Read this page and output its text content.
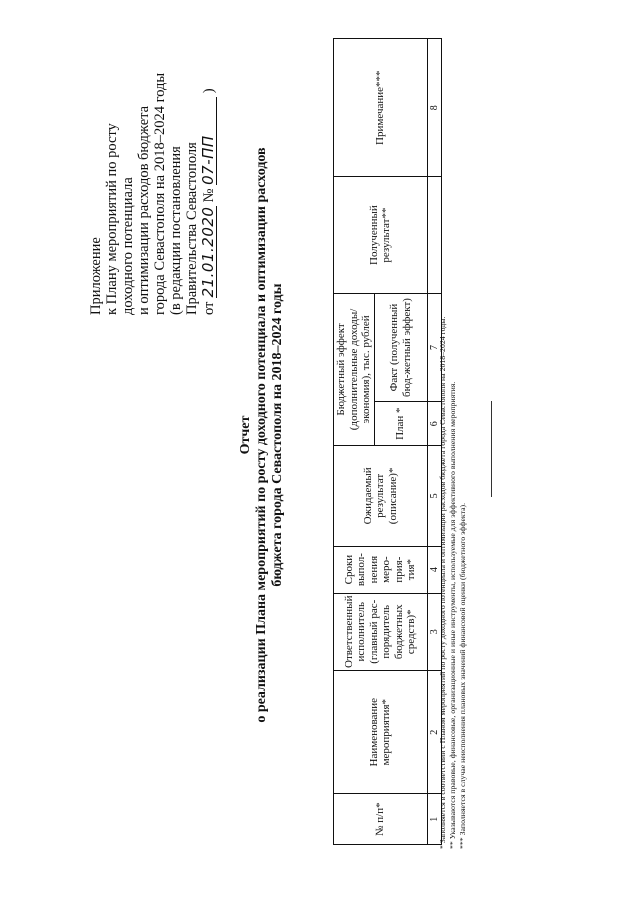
Приложение к Плану мероприятий по росту доходного потенциала и оптимизации расходов бюджета города Севастополя на 2018–2024 годы (в редакции постановления Правительства Севастополя от 21.01.2020 № 07-ПП )
Отчет о реализации Плана мероприятий по росту доходного потенциала и оптимизации расходов бюджета города Севастополя на 2018–2024 годы
№ п/п*	Наименование мероприятия*	Ответственный исполнитель (главный рас-порядитель бюджетных средств)*	Сроки выпол-нения меро-прия-тия*	Ожидаемый результат (описание)*	Бюджетный эффект (дополнительные доходы/ экономия), тыс. рублей		Полученный результат**	Примечание***
					План *	Факт (полученный бюд-жетный эффект)		
1	2	3	4	5	6	7		8
* Заполняется в соответствии с Планом мероприятий по росту доходного потенциала и оптимизации расходов бюджета города Севастополя на 2018–2024 годы. ** Указываются правовые, финансовые, организационные и иные инструменты, используемые для эффективного выполнения мероприятия. *** Заполняется в случае неисполнения плановых значений финансовой оценки (бюджетного эффекта).
